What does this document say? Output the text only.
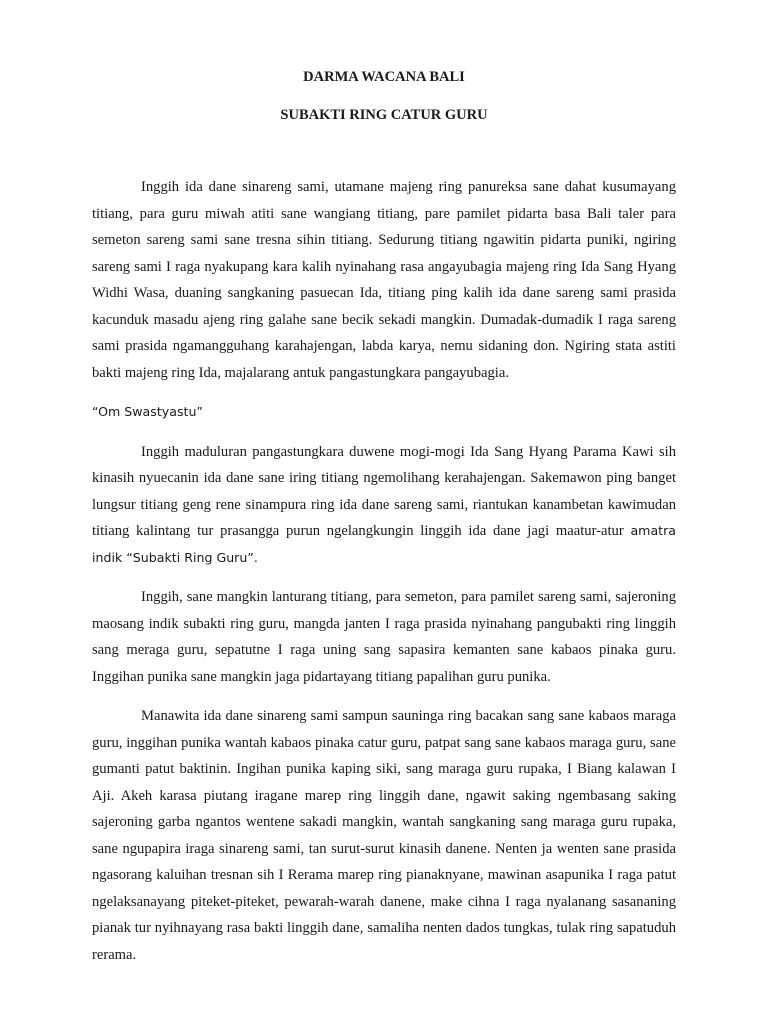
DARMA WACANA BALI
SUBAKTI RING CATUR GURU

Inggih ida dane sinareng sami, utamane majeng ring panureksa sane dahat kusumayang titiang, para guru miwah atiti sane wangiang titiang, pare pamilet pidarta basa Bali taler para semeton sareng sami sane tresna sihin titiang. Sedurung titiang ngawitin pidarta puniki, ngiring sareng sami I raga nyakupang kara kalih nyinahang rasa angayubagia majeng ring Ida Sang Hyang Widhi Wasa, duaning sangkaning pasuecan Ida, titiang ping kalih ida dane sareng sami prasida kacunduk masadu ajeng ring galahe sane becik sekadi mangkin. Dumadak-dumadik I raga sareng sami prasida ngamangguhang karahajengan, labda karya, nemu sidaning don. Ngiring stata astiti bakti majeng ring Ida, majalarang antuk pangastungkara pangayubagia.

“Om Swastyastu”

Inggih maduluran pangastungkara duwene mogi-mogi Ida Sang Hyang Parama Kawi sih kinasih nyuecanin ida dane sane iring titiang ngemolihang kerahajengan. Sakemawon ping banget lungsur titiang geng rene sinampura ring ida dane sareng sami, riantukan kanambetan kawimudan titiang kalintang tur prasangga purun ngelangkungin linggih ida dane jagi maatur-atur amatra indik “Subakti Ring Guru”.

Inggih, sane mangkin lanturang titiang, para semeton, para pamilet sareng sami, sajeroning maosang indik subakti ring guru, mangda janten I raga prasida nyinahang pangubakti ring linggih sang meraga guru, sepatutne I raga uning sang sapasira kemanten sane kabaos pinaka guru. Inggihan punika sane mangkin jaga pidartayang titiang papalihan guru punika.

Manawita ida dane sinareng sami sampun sauninga ring bacakan sang sane kabaos maraga guru, inggihan punika wantah kabaos pinaka catur guru, patpat sang sane kabaos maraga guru, sane gumanti patut baktinin. Ingihan punika kaping siki, sang maraga guru rupaka, I Biang kalawan I Aji. Akeh karasa piutang iragane marep ring linggih dane, ngawit saking ngembasang saking sajeroning garba ngantos wentene sakadi mangkin, wantah sangkaning sang maraga guru rupaka, sane ngupapira iraga sinareng sami, tan surut-surut kinasih danene. Nenten ja wenten sane prasida ngasorang kaluihan tresnan sih I Rerama marep ring pianaknyane, mawinan asapunika I raga patut ngelaksanayang piteket-piteket, pewarah-warah danene, make cihna I raga nyalanang sasananing pianak tur nyihnayang rasa bakti linggih dane, samaliha nenten dados tungkas, tulak ring sapatuduh rerama.
